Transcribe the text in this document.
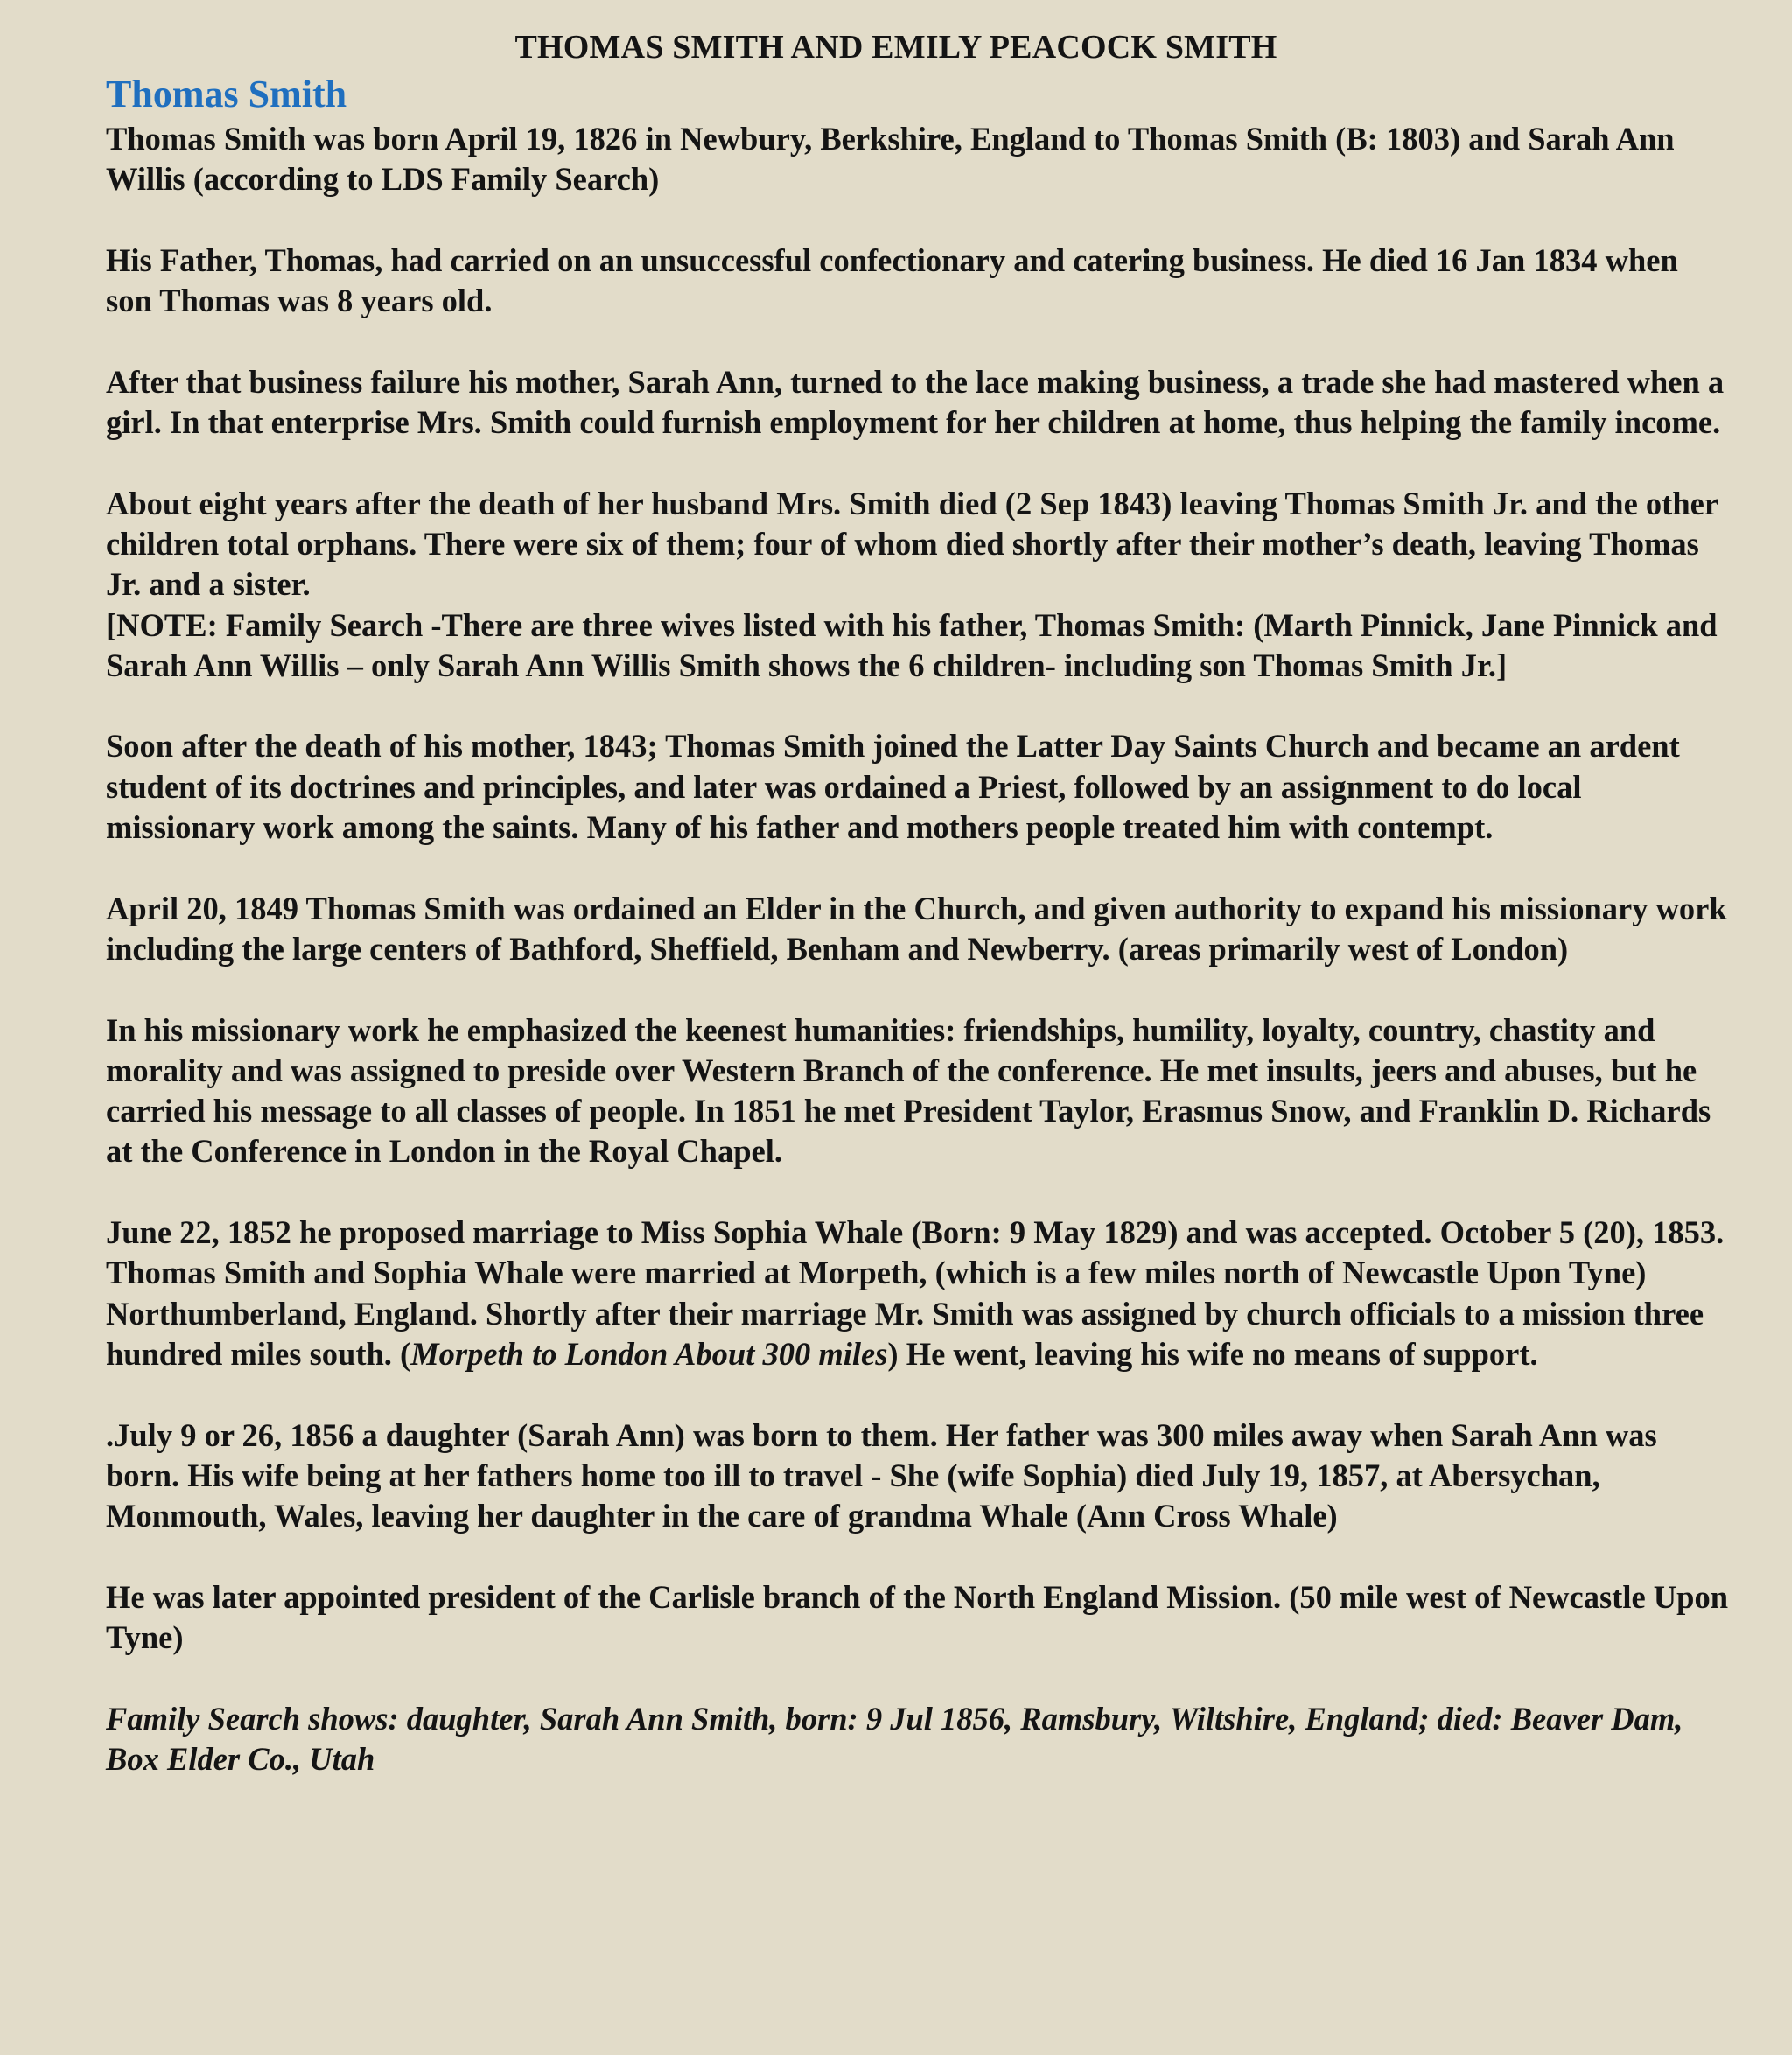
THOMAS SMITH AND EMILY PEACOCK SMITH
Thomas Smith

Thomas Smith was born April 19, 1826 in Newbury, Berkshire, England to Thomas Smith (B: 1803) and Sarah Ann Willis (according to LDS Family Search)

His Father, Thomas, had carried on an unsuccessful confectionary and catering business. He died 16 Jan 1834 when son Thomas was 8 years old.

After that business failure his mother, Sarah Ann, turned to the lace making business, a trade she had mastered when a girl. In that enterprise Mrs. Smith could furnish employment for her children at home, thus helping the family income.

About eight years after the death of her husband Mrs. Smith died (2 Sep 1843) leaving Thomas Smith Jr. and the other children total orphans. There were six of them; four of whom died shortly after their mother’s death, leaving Thomas Jr. and a sister.

[NOTE: Family Search -There are three wives listed with his father, Thomas Smith: (Marth Pinnick, Jane Pinnick and Sarah Ann Willis – only Sarah Ann Willis Smith shows the 6 children- including son Thomas Smith Jr.]

Soon after the death of his mother, 1843; Thomas Smith joined the Latter Day Saints Church and became an ardent student of its doctrines and principles, and later was ordained a Priest, followed by an assignment to do local missionary work among the saints. Many of his father and mothers people treated him with contempt.

April 20, 1849 Thomas Smith was ordained an Elder in the Church, and given authority to expand his missionary work including the large centers of Bathford, Sheffield, Benham and Newberry. (areas primarily west of London)

In his missionary work he emphasized the keenest humanities: friendships, humility, loyalty, country, chastity and morality and was assigned to preside over Western Branch of the conference. He met insults, jeers and abuses, but he carried his message to all classes of people. In 1851 he met President Taylor, Erasmus Snow, and Franklin D. Richards at the Conference in London in the Royal Chapel.

June 22, 1852 he proposed marriage to Miss Sophia Whale (Born: 9 May 1829) and was accepted. October 5 (20), 1853. Thomas Smith and Sophia Whale were married at Morpeth, (which is a few miles north of Newcastle Upon Tyne) Northumberland, England. Shortly after their marriage Mr. Smith was assigned by church officials to a mission three hundred miles south. (Morpeth to London About 300 miles) He went, leaving his wife no means of support.

.July 9 or 26, 1856 a daughter (Sarah Ann) was born to them. Her father was 300 miles away when Sarah Ann was born. His wife being at her fathers home too ill to travel - She (wife Sophia) died July 19, 1857, at Abersychan, Monmouth, Wales, leaving her daughter in the care of grandma Whale (Ann Cross Whale)

He was later appointed president of the Carlisle branch of the North England Mission. (50 mile west of Newcastle Upon Tyne)

Family Search shows: daughter, Sarah Ann Smith, born: 9 Jul 1856, Ramsbury, Wiltshire, England; died: Beaver Dam, Box Elder Co., Utah
